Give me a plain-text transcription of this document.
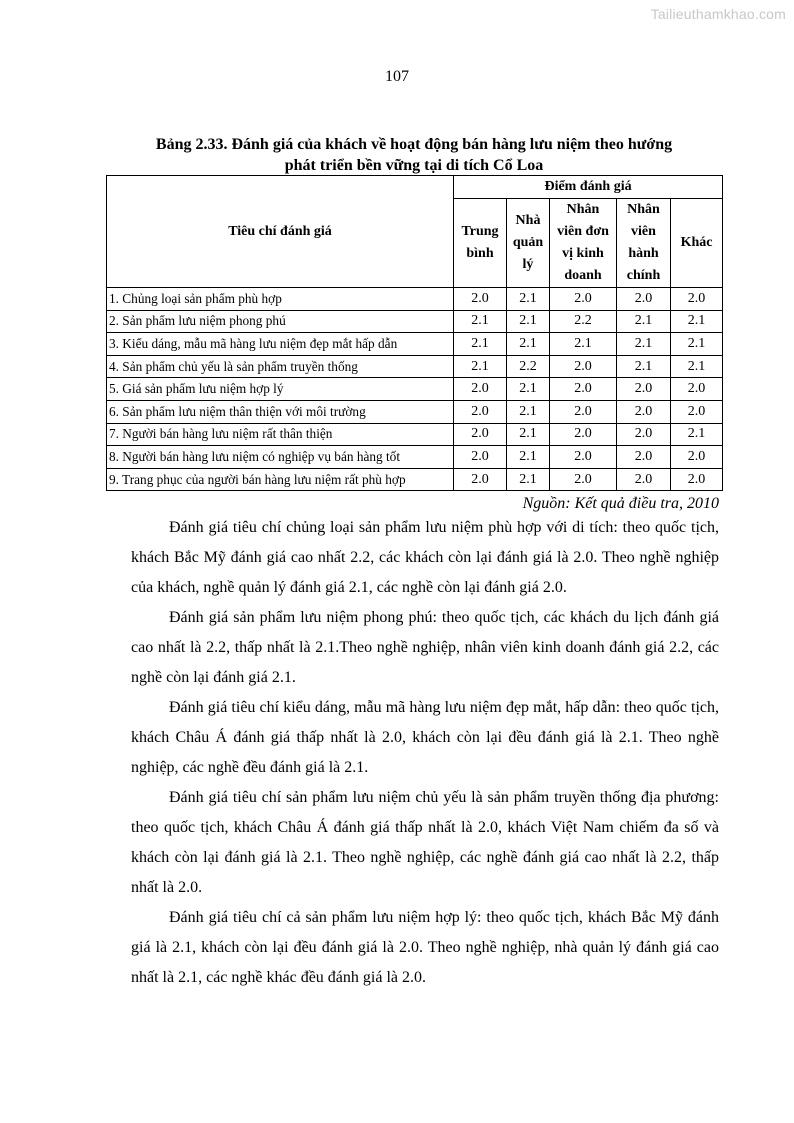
Tailieuthamkhao.com
107
Bảng 2.33. Đánh giá của khách về hoạt động bán hàng lưu niệm theo hướng
phát triển bền vững tại di tích Cổ Loa
Tiêu chí đánh giá	Điểm đánh giá				
	Trung bình	Nhà quản lý	Nhân viên đơn vị kinh doanh	Nhân viên hành chính	Khác
1. Chủng loại sản phẩm phù hợp	2.0	2.1	2.0	2.0	2.0
2. Sản phẩm lưu niệm phong phú	2.1	2.1	2.2	2.1	2.1
3. Kiểu dáng, mẫu mã hàng lưu niệm đẹp mắt hấp dẫn	2.1	2.1	2.1	2.1	2.1
4. Sản phẩm chủ yếu là sản phẩm truyền thống	2.1	2.2	2.0	2.1	2.1
5. Giá sản phẩm lưu niệm hợp lý	2.0	2.1	2.0	2.0	2.0
6. Sản phẩm lưu niệm thân thiện với môi trường	2.0	2.1	2.0	2.0	2.0
7. Người bán hàng lưu niệm rất thân thiện	2.0	2.1	2.0	2.0	2.1
8. Người bán hàng lưu niệm có nghiệp vụ bán hàng tốt	2.0	2.1	2.0	2.0	2.0
9. Trang phục của người bán hàng lưu niệm rất phù hợp	2.0	2.1	2.0	2.0	2.0
Nguồn: Kết quả điều tra, 2010

Đánh giá tiêu chí chủng loại sản phẩm lưu niệm phù hợp với di tích: theo quốc tịch, khách Bắc Mỹ đánh giá cao nhất 2.2, các khách còn lại đánh giá là 2.0. Theo nghề nghiệp của khách, nghề quản lý đánh giá 2.1, các nghề còn lại đánh giá 2.0.

Đánh giá sản phẩm lưu niệm phong phú: theo quốc tịch, các khách du lịch đánh giá cao nhất là 2.2, thấp nhất là 2.1.Theo nghề nghiệp, nhân viên kinh doanh đánh giá 2.2, các nghề còn lại đánh giá 2.1.

Đánh giá tiêu chí kiểu dáng, mẫu mã hàng lưu niệm đẹp mắt, hấp dẫn: theo quốc tịch, khách Châu Á đánh giá thấp nhất là 2.0, khách còn lại đều đánh giá là 2.1. Theo nghề nghiệp, các nghề đều đánh giá là 2.1.

Đánh giá tiêu chí sản phẩm lưu niệm chủ yếu là sản phẩm truyền thống địa phương: theo quốc tịch, khách Châu Á đánh giá thấp nhất là 2.0, khách Việt Nam chiếm đa số và khách còn lại đánh giá là 2.1. Theo nghề nghiệp, các nghề đánh giá cao nhất là 2.2, thấp nhất là 2.0.

Đánh giá tiêu chí cả sản phẩm lưu niệm hợp lý: theo quốc tịch, khách Bắc Mỹ đánh giá là 2.1, khách còn lại đều đánh giá là 2.0. Theo nghề nghiệp, nhà quản lý đánh giá cao nhất là 2.1, các nghề khác đều đánh giá là 2.0.
